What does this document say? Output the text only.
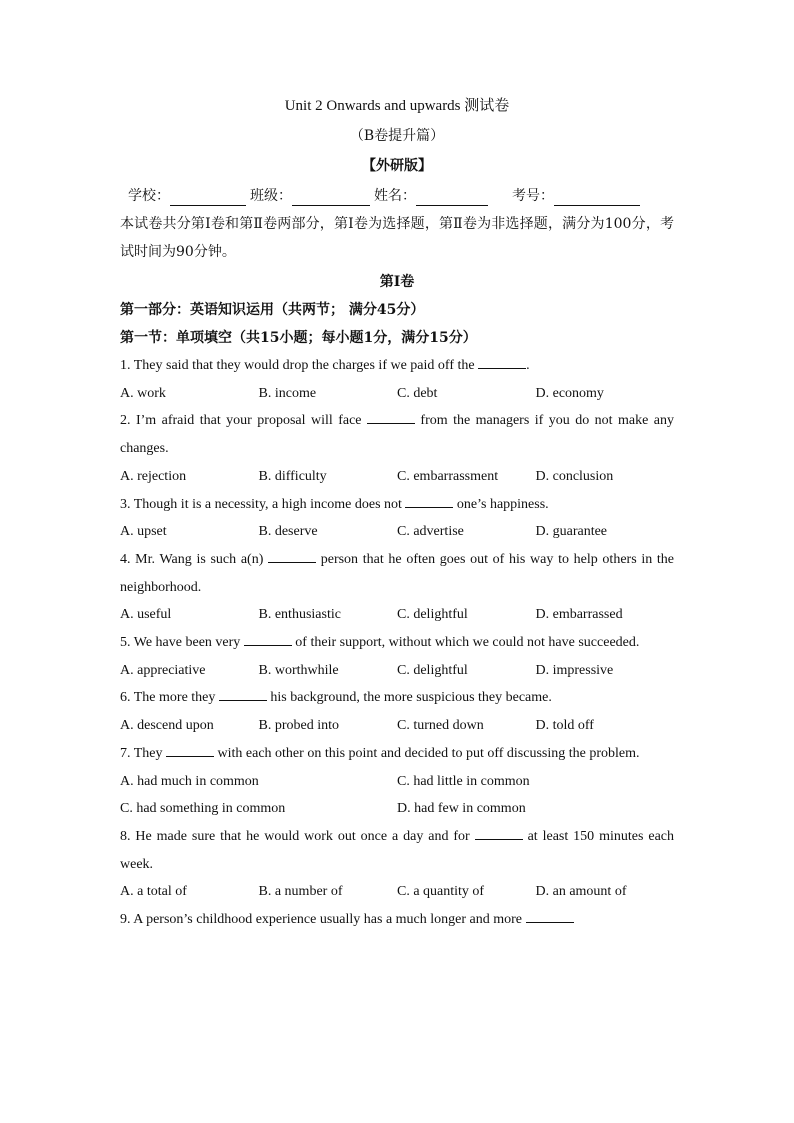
Unit 2 Onwards and upwards 测试卷
（B卷提升篇）
【外研版】
学校：	班级：	姓名：	考号：
本试卷共分第Ⅰ卷和第Ⅱ卷两部分，第Ⅰ卷为选择题，第Ⅱ卷为非选择题，满分为100分，考试时间为90分钟。
第Ⅰ卷
第一部分：英语知识运用（共两节； 满分45分）
第一节：单项填空（共15小题；每小题1分，满分15分）
1. They said that they would drop the charges if we paid off the	.
A. work	B. income	C. debt	D. economy
2. I’m afraid that your proposal will face	from the managers if you do not make any changes.
A. rejection	B. difficulty	C. embarrassment	D. conclusion
3. Though it is a necessity, a high income does not	one’s happiness.
A. upset	B. deserve	C. advertise	D. guarantee
4. Mr. Wang is such a(n)	person that he often goes out of his way to help others in the neighborhood.
A. useful	B. enthusiastic	C. delightful	D. embarrassed
5. We have been very	of their support, without which we could not have succeeded.
A. appreciative	B. worthwhile	C. delightful	D. impressive
6. The more they	his background, the more suspicious they became.
A. descend upon	B. probed into	C. turned down	D. told off
7. They	with each other on this point and decided to put off discussing the problem.
A. had much in common	C. had little in common
C. had something in common	D. had few in common
8. He made sure that he would work out once a day and for	at least 150 minutes each week.
A. a total of	B. a number of	C. a quantity of	D. an amount of
9. A person’s childhood experience usually has a much longer and more
